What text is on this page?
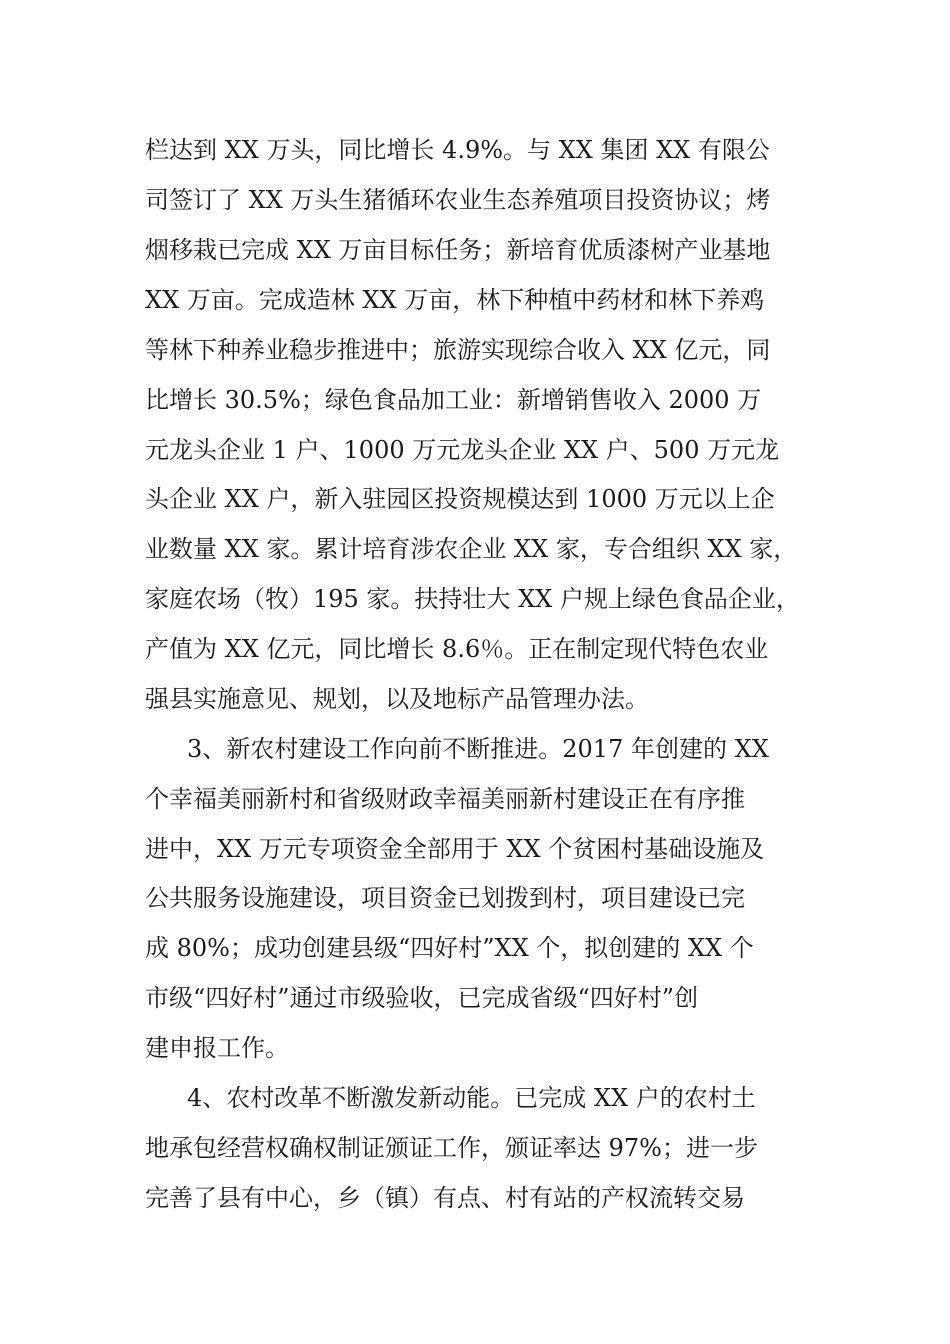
栏达到 XX 万头，同比增长 4.9%。与 XX 集团 XX 有限公

司签订了 XX 万头生猪循环农业生态养殖项目投资协议；烤

烟移栽已完成 XX 万亩目标任务；新培育优质漆树产业基地

XX 万亩。完成造林 XX 万亩，林下种植中药材和林下养鸡

等林下种养业稳步推进中；旅游实现综合收入 XX 亿元，同

比增长 30.5%；绿色食品加工业：新增销售收入 2000 万

元龙头企业 1 户、1000 万元龙头企业 XX 户、500 万元龙

头企业 XX 户，新入驻园区投资规模达到 1000 万元以上企

业数量 XX 家。累计培育涉农企业 XX 家，专合组织 XX 家，

家庭农场（牧）195 家。扶持壮大 XX 户规上绿色食品企业，

产值为 XX 亿元，同比增长 8.6％。正在制定现代特色农业

强县实施意见、规划，以及地标产品管理办法。

3、新农村建设工作向前不断推进。2017 年创建的 XX

个幸福美丽新村和省级财政幸福美丽新村建设正在有序推

进中，XX 万元专项资金全部用于 XX 个贫困村基础设施及

公共服务设施建设，项目资金已划拨到村，项目建设已完

成 80%；成功创建县级“四好村”XX 个，拟创建的 XX 个

市级“四好村”通过市级验收，已完成省级“四好村”创

建申报工作。

4、农村改革不断激发新动能。已完成 XX 户的农村土

地承包经营权确权制证颁证工作，颁证率达 97%；进一步

完善了县有中心，乡（镇）有点、村有站的产权流转交易
